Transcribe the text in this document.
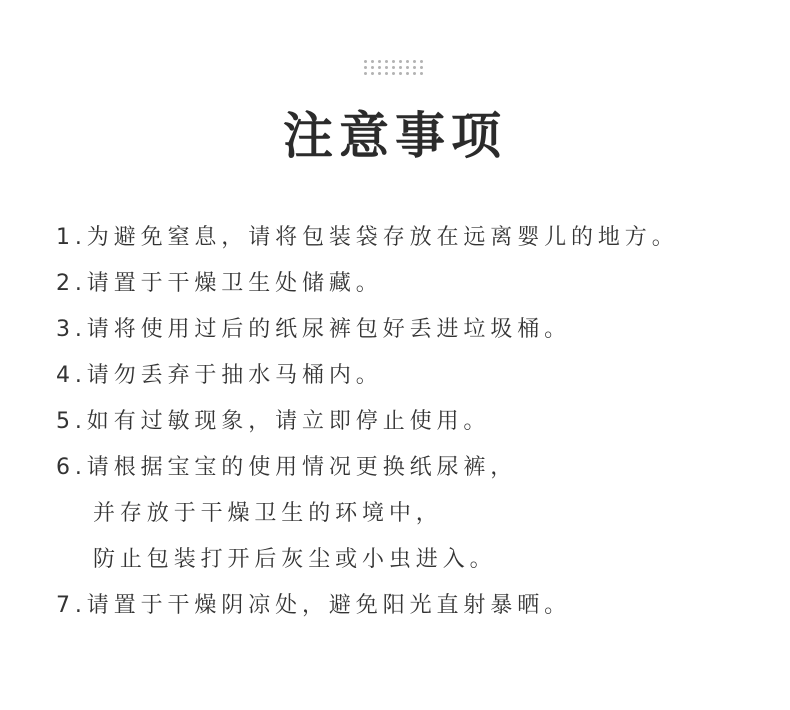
注意事项
1.为避免窒息，请将包装袋存放在远离婴儿的地方。
2.请置于干燥卫生处储藏。
3.请将使用过后的纸尿裤包好丢进垃圾桶。
4.请勿丢弃于抽水马桶内。
5.如有过敏现象，请立即停止使用。
6.请根据宝宝的使用情况更换纸尿裤，
并存放于干燥卫生的环境中，
防止包装打开后灰尘或小虫进入。
7.请置于干燥阴凉处，避免阳光直射暴晒。
